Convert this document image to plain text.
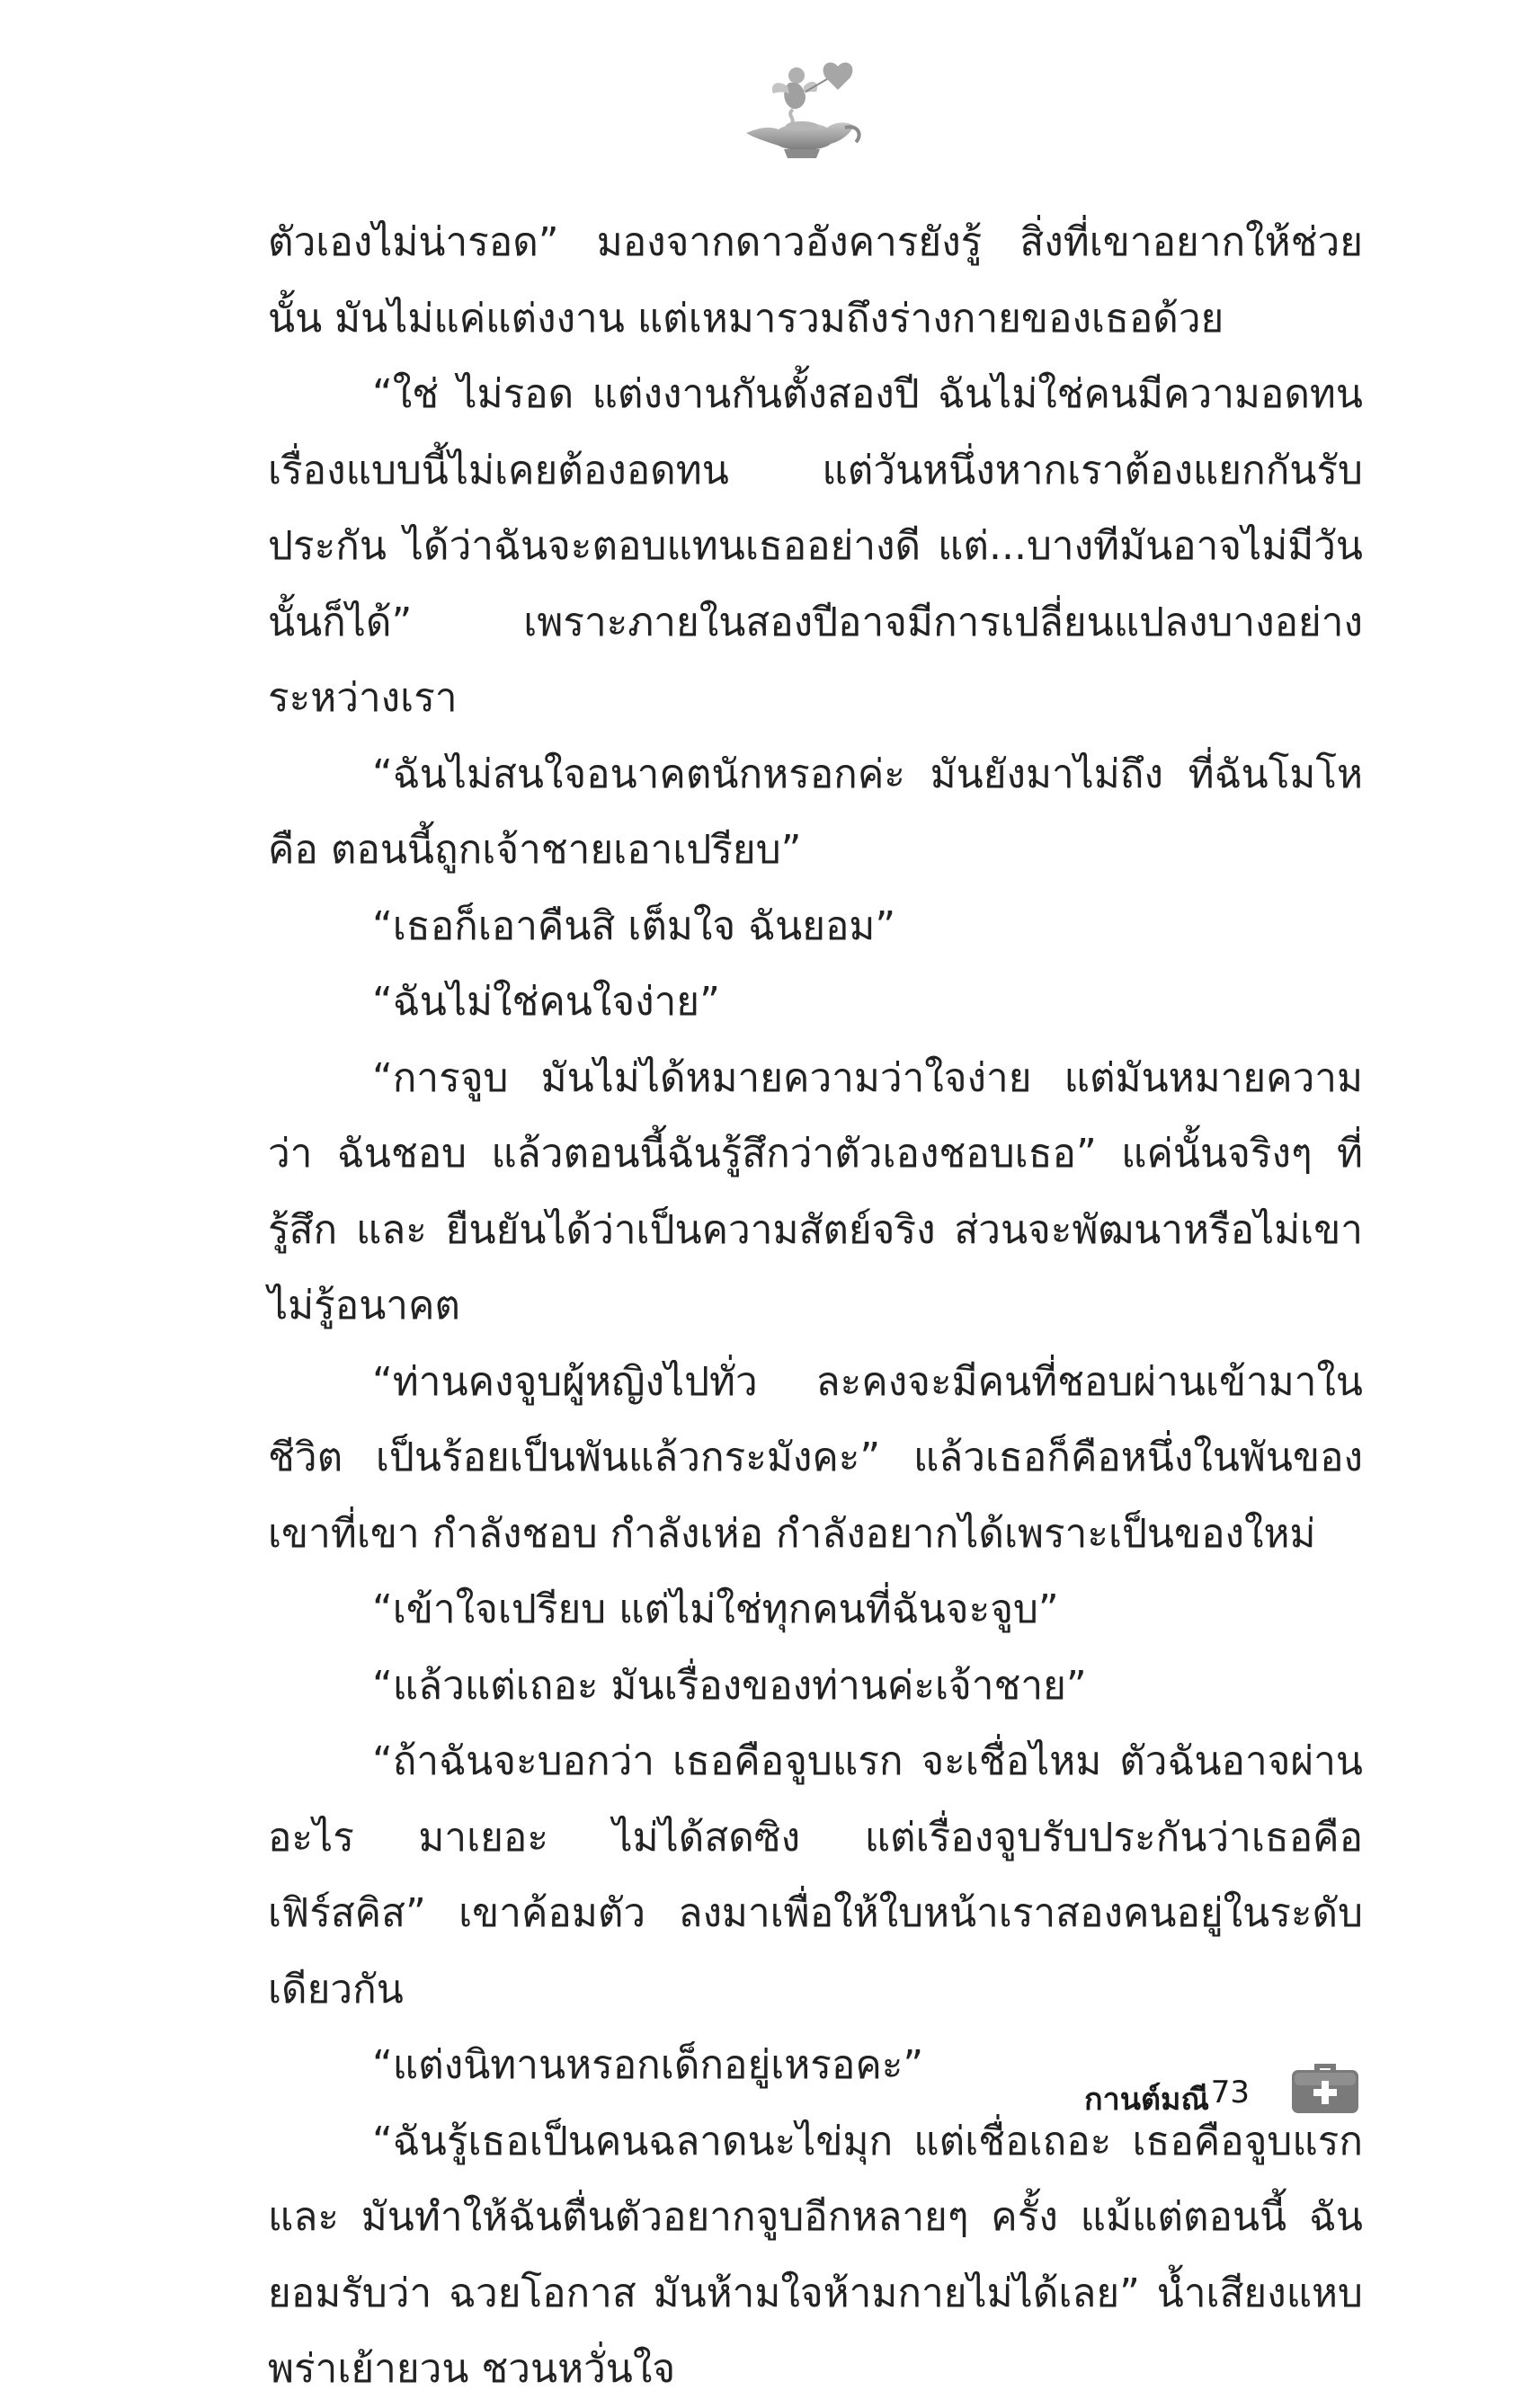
ตัวเองไม่น่ารอด” มองจากดาวอังคารยังรู้ สิ่งที่เขาอยากให้ช่วยนั้น มันไม่แค่แต่งงาน แต่เหมารวมถึงร่างกายของเธอด้วย

“ใช่ ไม่รอด แต่งงานกันตั้งสองปี ฉันไม่ใช่คนมีความอดทน เรื่องแบบนี้ไม่เคยต้องอดทน แต่วันหนึ่งหากเราต้องแยกกันรับประกัน ได้ว่าฉันจะตอบแทนเธออย่างดี แต่...บางทีมันอาจไม่มีวันนั้นก็ได้” เพราะภายในสองปีอาจมีการเปลี่ยนแปลงบางอย่างระหว่างเรา

“ฉันไม่สนใจอนาคตนักหรอกค่ะ มันยังมาไม่ถึง ที่ฉันโมโหคือ ตอนนี้ถูกเจ้าชายเอาเปรียบ”

“เธอก็เอาคืนสิ เต็มใจ ฉันยอม”

“ฉันไม่ใช่คนใจง่าย”

“การจูบ มันไม่ได้หมายความว่าใจง่าย แต่มันหมายความว่า ฉันชอบ แล้วตอนนี้ฉันรู้สึกว่าตัวเองชอบเธอ” แค่นั้นจริงๆ ที่รู้สึก และ ยืนยันได้ว่าเป็นความสัตย์จริง ส่วนจะพัฒนาหรือไม่เขาไม่รู้อนาคต

“ท่านคงจูบผู้หญิงไปทั่ว ละคงจะมีคนที่ชอบผ่านเข้ามาในชีวิต เป็นร้อยเป็นพันแล้วกระมังคะ” แล้วเธอก็คือหนึ่งในพันของเขาที่เขา กำลังชอบ กำลังเห่อ กำลังอยากได้เพราะเป็นของใหม่

“เข้าใจเปรียบ แต่ไม่ใช่ทุกคนที่ฉันจะจูบ”

“แล้วแต่เถอะ มันเรื่องของท่านค่ะเจ้าชาย”

“ถ้าฉันจะบอกว่า เธอคือจูบแรก จะเชื่อไหม ตัวฉันอาจผ่านอะไร มาเยอะ ไม่ได้สดซิง แต่เรื่องจูบรับประกันว่าเธอคือเฟิร์สคิส” เขาค้อมตัว ลงมาเพื่อให้ใบหน้าเราสองคนอยู่ในระดับเดียวกัน

“แต่งนิทานหรอกเด็กอยู่เหรอคะ”

“ฉันรู้เธอเป็นคนฉลาดนะไข่มุก แต่เชื่อเถอะ เธอคือจูบแรก และ มันทำให้ฉันตื่นตัวอยากจูบอีกหลายๆ ครั้ง แม้แต่ตอนนี้ ฉันยอมรับว่า ฉวยโอกาส มันห้ามใจห้ามกายไม่ได้เลย” น้ำเสียงแหบพร่าเย้ายวน ชวนหวั่นใจ

กานต์มณี 73
